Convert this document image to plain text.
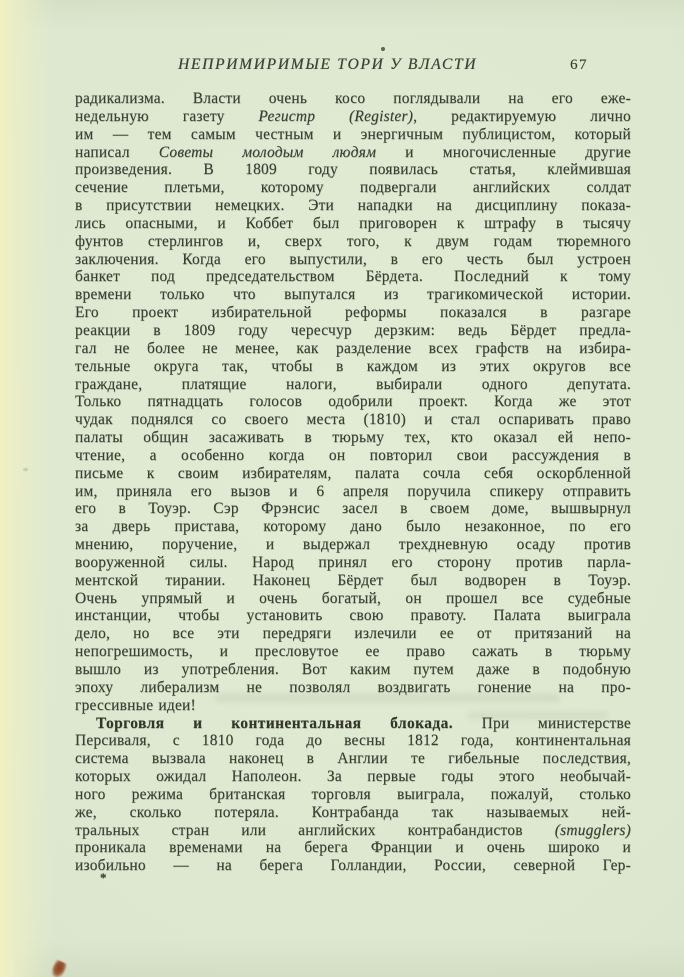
НЕПРИМИРИМЫЕ ТОРИ У ВЛАСТИ	67
радикализма. Власти очень косо поглядывали на его еже-
недельную газету Регистр (Register), редактируемую лично
им — тем самым честным и энергичным публицистом, который
написал Советы молодым людям и многочисленные другие
произведения. В 1809 году появилась статья, клеймившая
сечение плетьми, которому подвергали английских солдат
в присутствии немецких. Эти нападки на дисциплину показа-
лись опасными, и Коббет был приговорен к штрафу в тысячу
фунтов стерлингов и, сверх того, к двум годам тюремного
заключения. Когда его выпустили, в его честь был устроен
банкет под председательством Бёрдета. Последний к тому
времени только что выпутался из трагикомической истории.
Его проект избирательной реформы показался в разгаре
реакции в 1809 году чересчур дерзким: ведь Бёрдет предла-
гал не более не менее, как разделение всех графств на избира-
тельные округа так, чтобы в каждом из этих округов все
граждане, платящие налоги, выбирали одного депутата.
Только пятнадцать голосов одобрили проект. Когда же этот
чудак поднялся со своего места (1810) и стал оспаривать право
палаты общин засаживать в тюрьму тех, кто оказал ей непо-
чтение, а особенно когда он повторил свои рассуждения в
письме к своим избирателям, палата сочла себя оскорбленной
им, приняла его вызов и 6 апреля поручила спикеру отправить
его в Тоуэр. Сэр Фрэнсис засел в своем доме, вышвырнул
за дверь пристава, которому дано было незаконное, по его
мнению, поручение, и выдержал трехдневную осаду против
вооруженной силы. Народ принял его сторону против парла-
ментской тирании. Наконец Бёрдет был водворен в Тоуэр.
Очень упрямый и очень богатый, он прошел все судебные
инстанции, чтобы установить свою правоту. Палата выиграла
дело, но все эти передряги излечили ее от притязаний на
непогрешимость, и пресловутое ее право сажать в тюрьму
вышло из употребления. Вот каким путем даже в подобную
эпоху либерализм не позволял воздвигать гонение на про-
грессивные идеи!
Торговля и континентальная блокада. При министерстве
Персиваля, с 1810 года до весны 1812 года, континентальная
система вызвала наконец в Англии те гибельные последствия,
которых ожидал Наполеон. За первые годы этого необычай-
ного режима британская торговля выиграла, пожалуй, столько
же, сколько потеряла. Контрабанда так называемых ней-
тральных стран или английских контрабандистов (smugglers)
проникала временами на берега Франции и очень широко и
изобильно — на берега Голландии, России, северной Гер-
*
